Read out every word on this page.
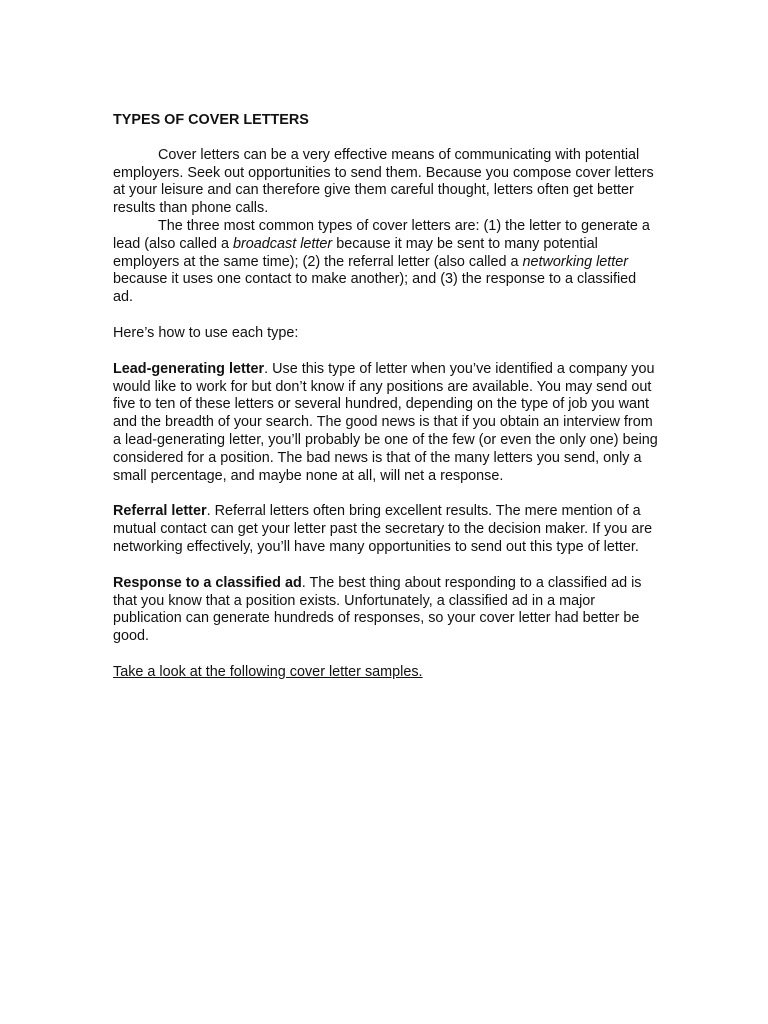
TYPES OF COVER LETTERS

Cover letters can be a very effective means of communicating with potential employers. Seek out opportunities to send them. Because you compose cover letters at your leisure and can therefore give them careful thought, letters often get better results than phone calls.

The three most common types of cover letters are: (1) the letter to generate a lead (also called a broadcast letter because it may be sent to many potential employers at the same time); (2) the referral letter (also called a networking letter because it uses one contact to make another); and (3) the response to a classified ad.

Here’s how to use each type:

Lead-generating letter. Use this type of letter when you’ve identified a company you would like to work for but don’t know if any positions are available. You may send out five to ten of these letters or several hundred, depending on the type of job you want and the breadth of your search. The good news is that if you obtain an interview from a lead-generating letter, you’ll probably be one of the few (or even the only one) being considered for a position. The bad news is that of the many letters you send, only a small percentage, and maybe none at all, will net a response.

Referral letter. Referral letters often bring excellent results. The mere mention of a mutual contact can get your letter past the secretary to the decision maker. If you are networking effectively, you’ll have many opportunities to send out this type of letter.

Response to a classified ad. The best thing about responding to a classified ad is that you know that a position exists. Unfortunately, a classified ad in a major publication can generate hundreds of responses, so your cover letter had better be good.

Take a look at the following cover letter samples.
